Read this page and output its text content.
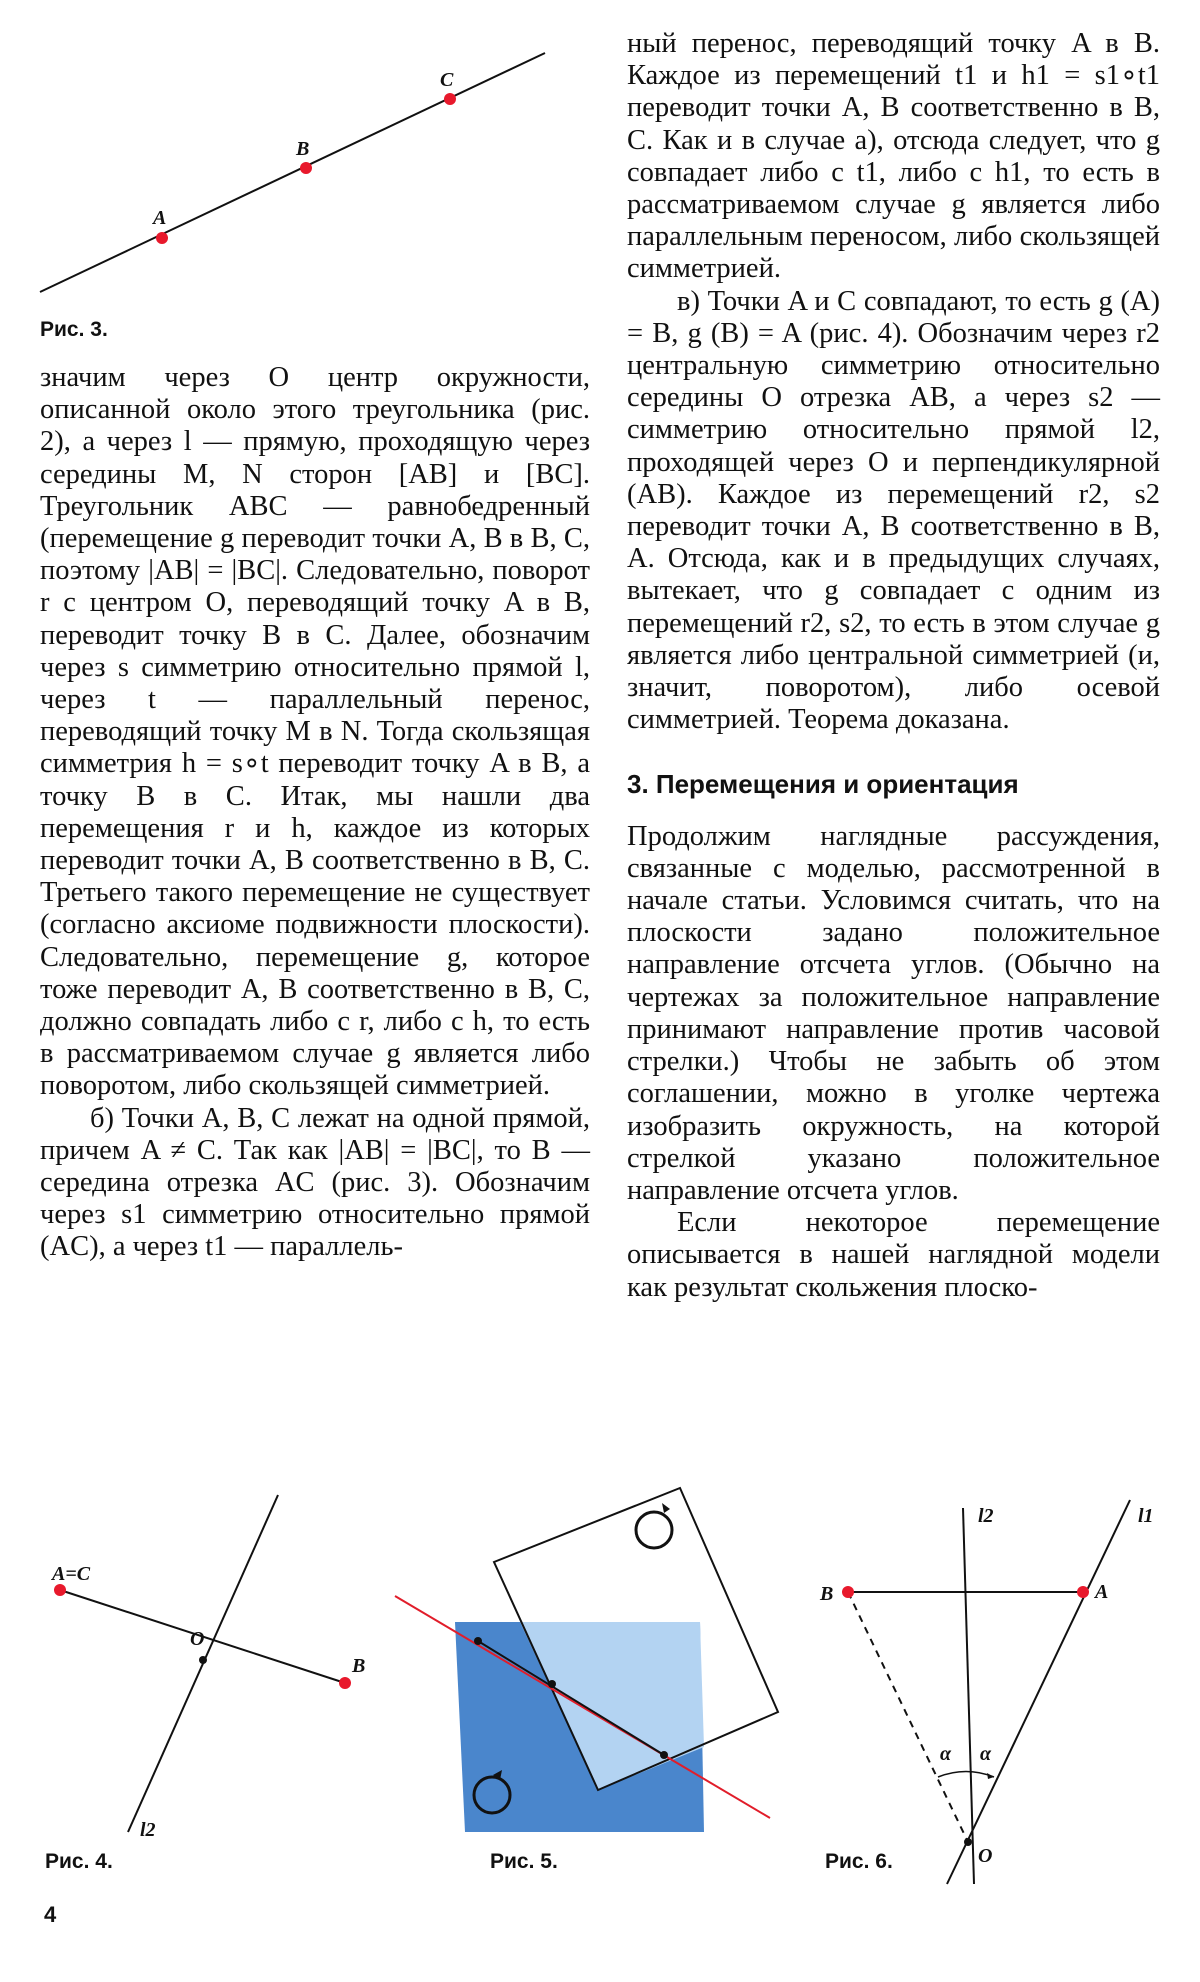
A
B
C
A=C
O
B
l2
B	A
O
l1
l2
α α
Рис. 3.

значим через O центр окружности, описанной около этого треугольника (рис. 2), а через l — прямую, проходящую через середины M, N сторон [AB] и [BC]. Треугольник ABC — равнобедренный (перемещение g переводит точки A, B в B, C, поэтому |AB| = |BC|. Следовательно, поворот r с центром O, переводящий точку A в B, переводит точку B в C. Далее, обозначим через s симметрию относительно прямой l, через t — параллельный перенос, переводящий точку M в N. Тогда скользящая симметрия h = s∘t переводит точку A в B, а точку B в C. Итак, мы нашли два перемещения r и h, каждое из которых переводит точки A, B соответственно в B, C. Третьего такого перемещение не существует (согласно аксиоме подвижности плоскости). Следовательно, перемещение g, которое тоже переводит A, B соответственно в B, C, должно совпадать либо с r, либо с h, то есть в рассматриваемом случае g является либо поворотом, либо скользящей симметрией.

б) Точки A, B, C лежат на одной прямой, причем A ≠ C. Так как |AB| = |BC|, то B — середина отрезка AC (рис. 3). Обозначим через s1 симметрию относительно прямой (AC), а через t1 — параллель-

ный перенос, переводящий точку A в B. Каждое из перемещений t1 и h1 = s1∘t1 переводит точки A, B соответственно в B, C. Как и в случае а), отсюда следует, что g совпадает либо с t1, либо с h1, то есть в рассматриваемом случае g является либо параллельным переносом, либо скользящей симметрией.

в) Точки A и C совпадают, то есть g (A) = B, g (B) = A (рис. 4). Обозначим через r2 центральную симметрию относительно середины O отрезка AB, а через s2 — симметрию относительно прямой l2, проходящей через O и перпендикулярной (AB). Каждое из перемещений r2, s2 переводит точки A, B соответственно в B, A. Отсюда, как и в предыдущих случаях, вытекает, что g совпадает с одним из перемещений r2, s2, то есть в этом случае g является либо центральной симметрией (и, значит, поворотом), либо осевой симметрией. Теорема доказана.

3. Перемещения и ориентация

Продолжим наглядные рассуждения, связанные с моделью, рассмотренной в начале статьи. Условимся считать, что на плоскости задано положительное направление отсчета углов. (Обычно на чертежах за положительное направление принимают направление против часовой стрелки.) Чтобы не забыть об этом соглашении, можно в уголке чертежа изобразить окружность, на которой стрелкой указано положительное направление отсчета углов.

Если некоторое перемещение описывается в нашей наглядной модели как результат скольжения плоско-

Рис. 4.	Рис. 5.	Рис. 6.
4
